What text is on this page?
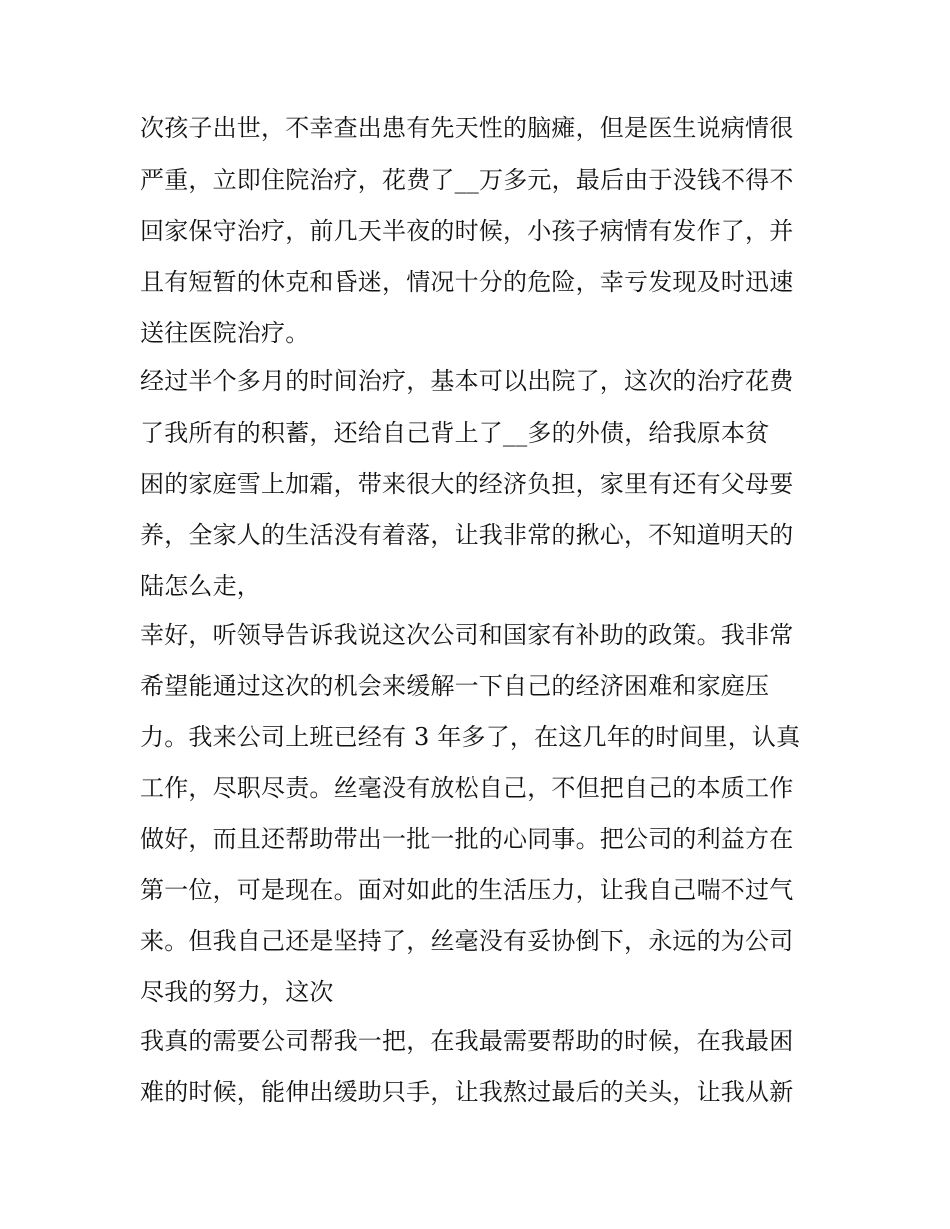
次孩子出世，不幸查出患有先天性的脑瘫，但是医生说病情很
严重，立即住院治疗，花费了__万多元，最后由于没钱不得不
回家保守治疗，前几天半夜的时候，小孩子病情有发作了，并
且有短暂的休克和昏迷，情况十分的危险，幸亏发现及时迅速
送往医院治疗。
经过半个多月的时间治疗，基本可以出院了，这次的治疗花费
了我所有的积蓄，还给自己背上了__多的外债，给我原本贫
困的家庭雪上加霜，带来很大的经济负担，家里有还有父母要
养，全家人的生活没有着落，让我非常的揪心，不知道明天的
陆怎么走，
幸好，听领导告诉我说这次公司和国家有补助的政策。我非常
希望能通过这次的机会来缓解一下自己的经济困难和家庭压
力。我来公司上班已经有 3 年多了，在这几年的时间里，认真
工作，尽职尽责。丝毫没有放松自己，不但把自己的本质工作
做好，而且还帮助带出一批一批的心同事。把公司的利益方在
第一位，可是现在。面对如此的生活压力，让我自己喘不过气
来。但我自己还是坚持了，丝毫没有妥协倒下，永远的为公司
尽我的努力，这次
我真的需要公司帮我一把，在我最需要帮助的时候，在我最困
难的时候，能伸出缓助只手，让我熬过最后的关头，让我从新
